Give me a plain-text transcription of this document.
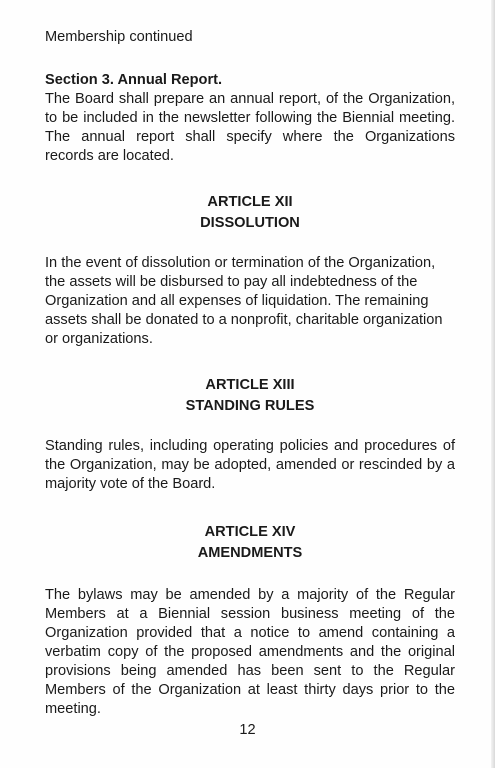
Membership continued

Section 3. Annual Report.

The Board shall prepare an annual report, of the Organization, to be included in the newsletter following the Biennial meeting. The annual report shall specify where the Organizations records are located.

ARTICLE XII
DISSOLUTION

In the event of dissolution or termination of the Organization, the assets will be disbursed to pay all indebtedness of the Organization and all expenses of liquidation. The remaining assets shall be donated to a nonprofit, charitable organization or organizations.

ARTICLE XIII
STANDING RULES

Standing rules, including operating policies and procedures of the Organization, may be adopted, amended or rescinded by a majority vote of the Board.

ARTICLE XIV
AMENDMENTS

The bylaws may be amended by a majority of the Regular Members at a Biennial session business meeting of the Organization provided that a notice to amend containing a verbatim copy of the proposed amendments and the original provisions being amended has been sent to the Regular Members of the Organization at least thirty days prior to the meeting.

12
